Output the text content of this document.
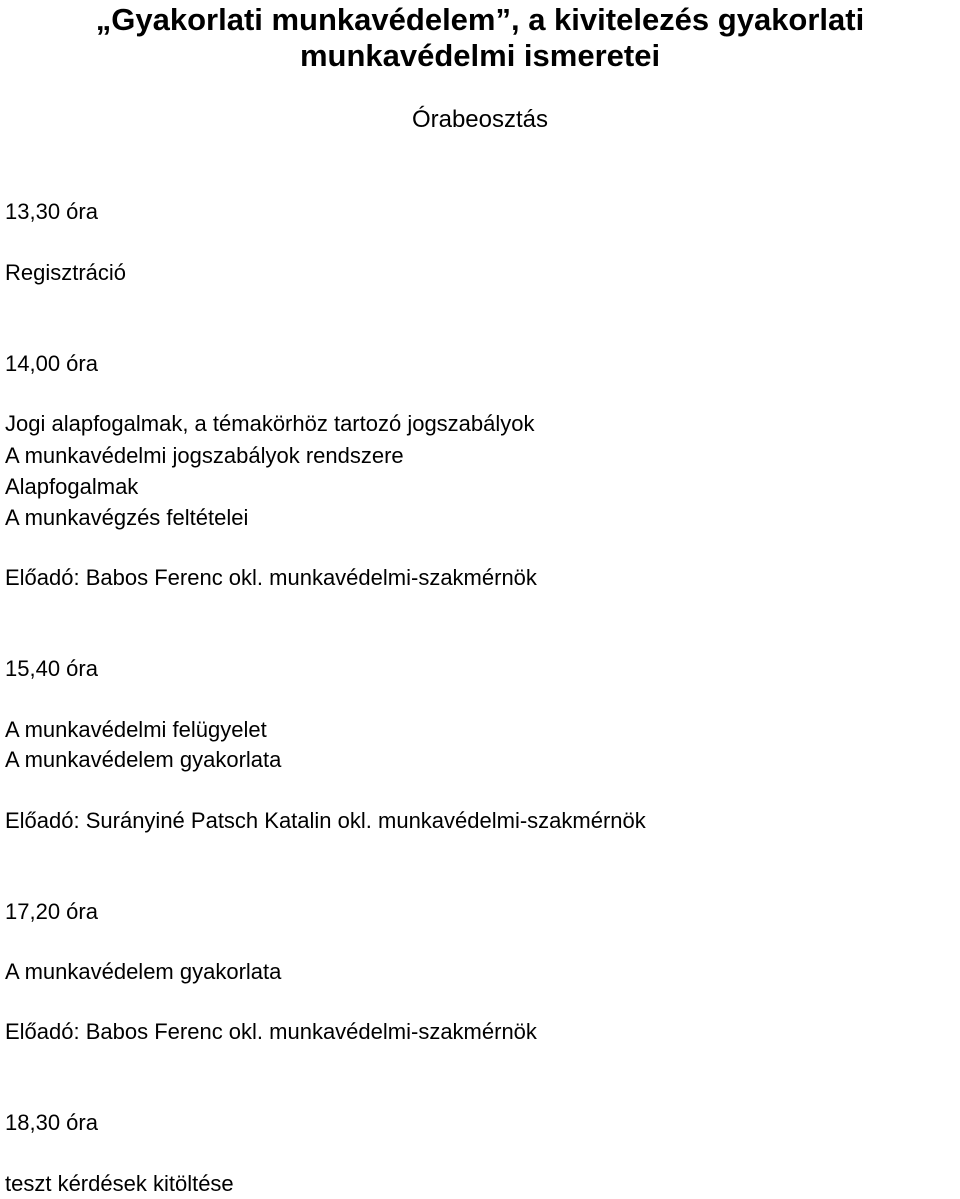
„Gyakorlati munkavédelem”, a kivitelezés gyakorlati
munkavédelmi ismeretei
Órabeosztás
13,30 óra
Regisztráció
14,00 óra
Jogi alapfogalmak, a témakörhöz tartozó jogszabályok
A munkavédelmi jogszabályok rendszere
Alapfogalmak
A munkavégzés feltételei
Előadó: Babos Ferenc okl. munkavédelmi-szakmérnök
15,40 óra
A munkavédelmi felügyelet
A munkavédelem gyakorlata
Előadó: Surányiné Patsch Katalin okl. munkavédelmi-szakmérnök
17,20 óra
A munkavédelem gyakorlata
Előadó: Babos Ferenc okl. munkavédelmi-szakmérnök
18,30 óra
teszt kérdések kitöltése
